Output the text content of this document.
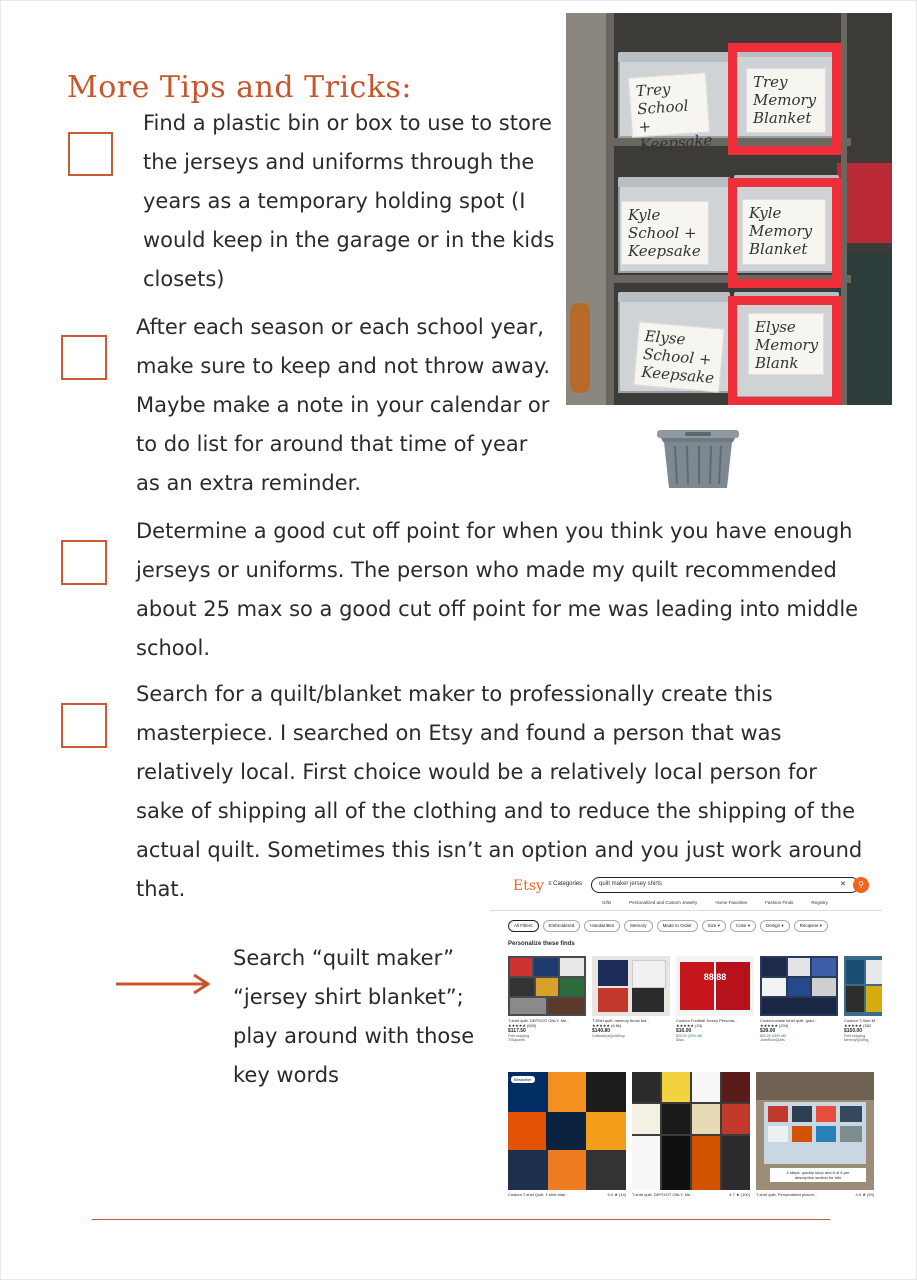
More Tips and Tricks:

Find a plastic bin or box to use to store

the jerseys and uniforms through the

years as a temporary holding spot (I

would keep in the garage or in the kids

closets)

Trey
School +
Keepsake
Trey
Memory
Blanket
Kyle
School +
Keepsake
Kyle
Memory
Blanket
Elyse
School +
Keepsake
Elyse
Memory
Blank

After each season or each school year,

make sure to keep and not throw away.

Maybe make a note in your calendar or

to do list for around that time of year

as an extra reminder.

Determine a good cut off point for when you think you have enough

jerseys or uniforms. The person who made my quilt recommended

about 25 max so a good cut off point for me was leading into middle

school.

Search for a quilt/blanket maker to professionally create this

masterpiece. I searched on Etsy and found a person that was

relatively local. First choice would be a relatively local person for

sake of shipping all of the clothing and to reduce the shipping of the

actual quilt. Sometimes this isn’t an option and you just work around

that.

Search “quilt maker”

“jersey shirt blanket”;

play around with those

key words

Etsy ≡ Categories	quilt maker jersey shirts	✕	⚲
Gifts	Personalized and Custom Jewelry	Home Favorites	Fashion Finds	Registry
All Filters	Embroidered	Handwritten	Memory	Made to Order	Size ▾	Color ▾	Design ▾	Recipient ▾
Personalize these finds
T-shirt quilt, DEPOSIT ONLY, Me...
★★★★★ (600)
$117.50
Free shipping
70Squares
T-Shirt quilt, memory throw bla...
★★★★★ (6.5k)
$140.80
CottonkeysQuiltShop
88 88
Custom Football Jersey Persona...
★★★★★ (33)
$16.00
$20.00 (20% off)
Aliza
Custom-made tshirt quilt, grad...
★★★★★ (204)
$39.00
$52.00 (25% off)
JuneRoseQuilts
Custom T-Shirt M
★★★★★ (382
$150.00
Free shipping
MemoryQuilting
Bestseller
Custom T-shirt Quilt, T-shirt blan...	5.0 ★ (14) T-shirt quilt, DEPOSIT ONLY, Me...	4.7 ★ (100)
4 steps: quickly shop and 8 of 6 per
description section for info
T-shirt quilt, Personalized picture...	4.5 ★ (93)
